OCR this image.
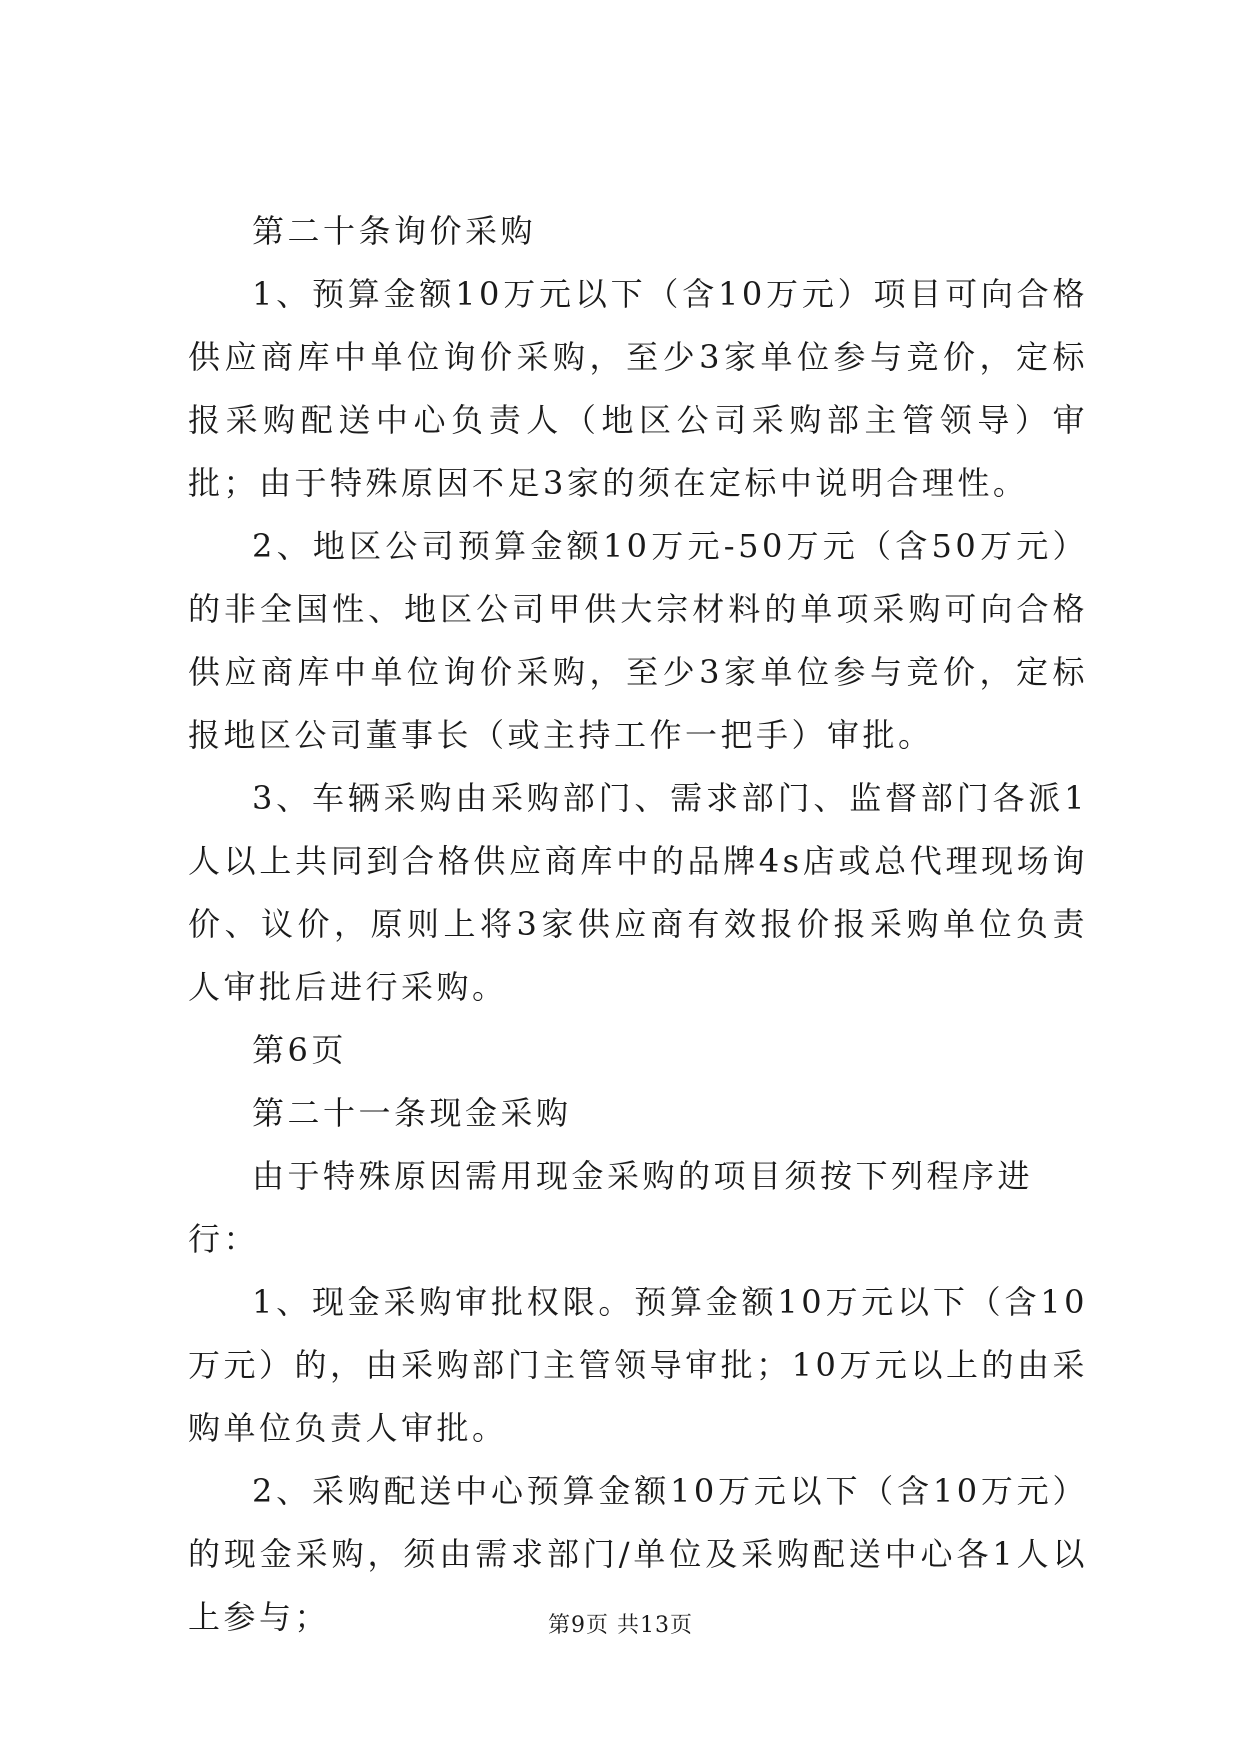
第二十条询价采购

1、预算金额10万元以下（含10万元）项目可向合格供应商库中单位询价采购，至少3家单位参与竞价，定标报采购配送中心负责人（地区公司采购部主管领导）审批；由于特殊原因不足3家的须在定标中说明合理性。

2、地区公司预算金额10万元-50万元（含50万元）的非全国性、地区公司甲供大宗材料的单项采购可向合格供应商库中单位询价采购，至少3家单位参与竞价，定标报地区公司董事长（或主持工作一把手）审批。

3、车辆采购由采购部门、需求部门、监督部门各派1人以上共同到合格供应商库中的品牌4s店或总代理现场询价、议价，原则上将3家供应商有效报价报采购单位负责人审批后进行采购。

第6页

第二十一条现金采购

由于特殊原因需用现金采购的项目须按下列程序进行：

1、现金采购审批权限。预算金额10万元以下（含10万元）的，由采购部门主管领导审批；10万元以上的由采购单位负责人审批。

2、采购配送中心预算金额10万元以下（含10万元）的现金采购，须由需求部门/单位及采购配送中心各1人以上参与；	第9页 共13页
